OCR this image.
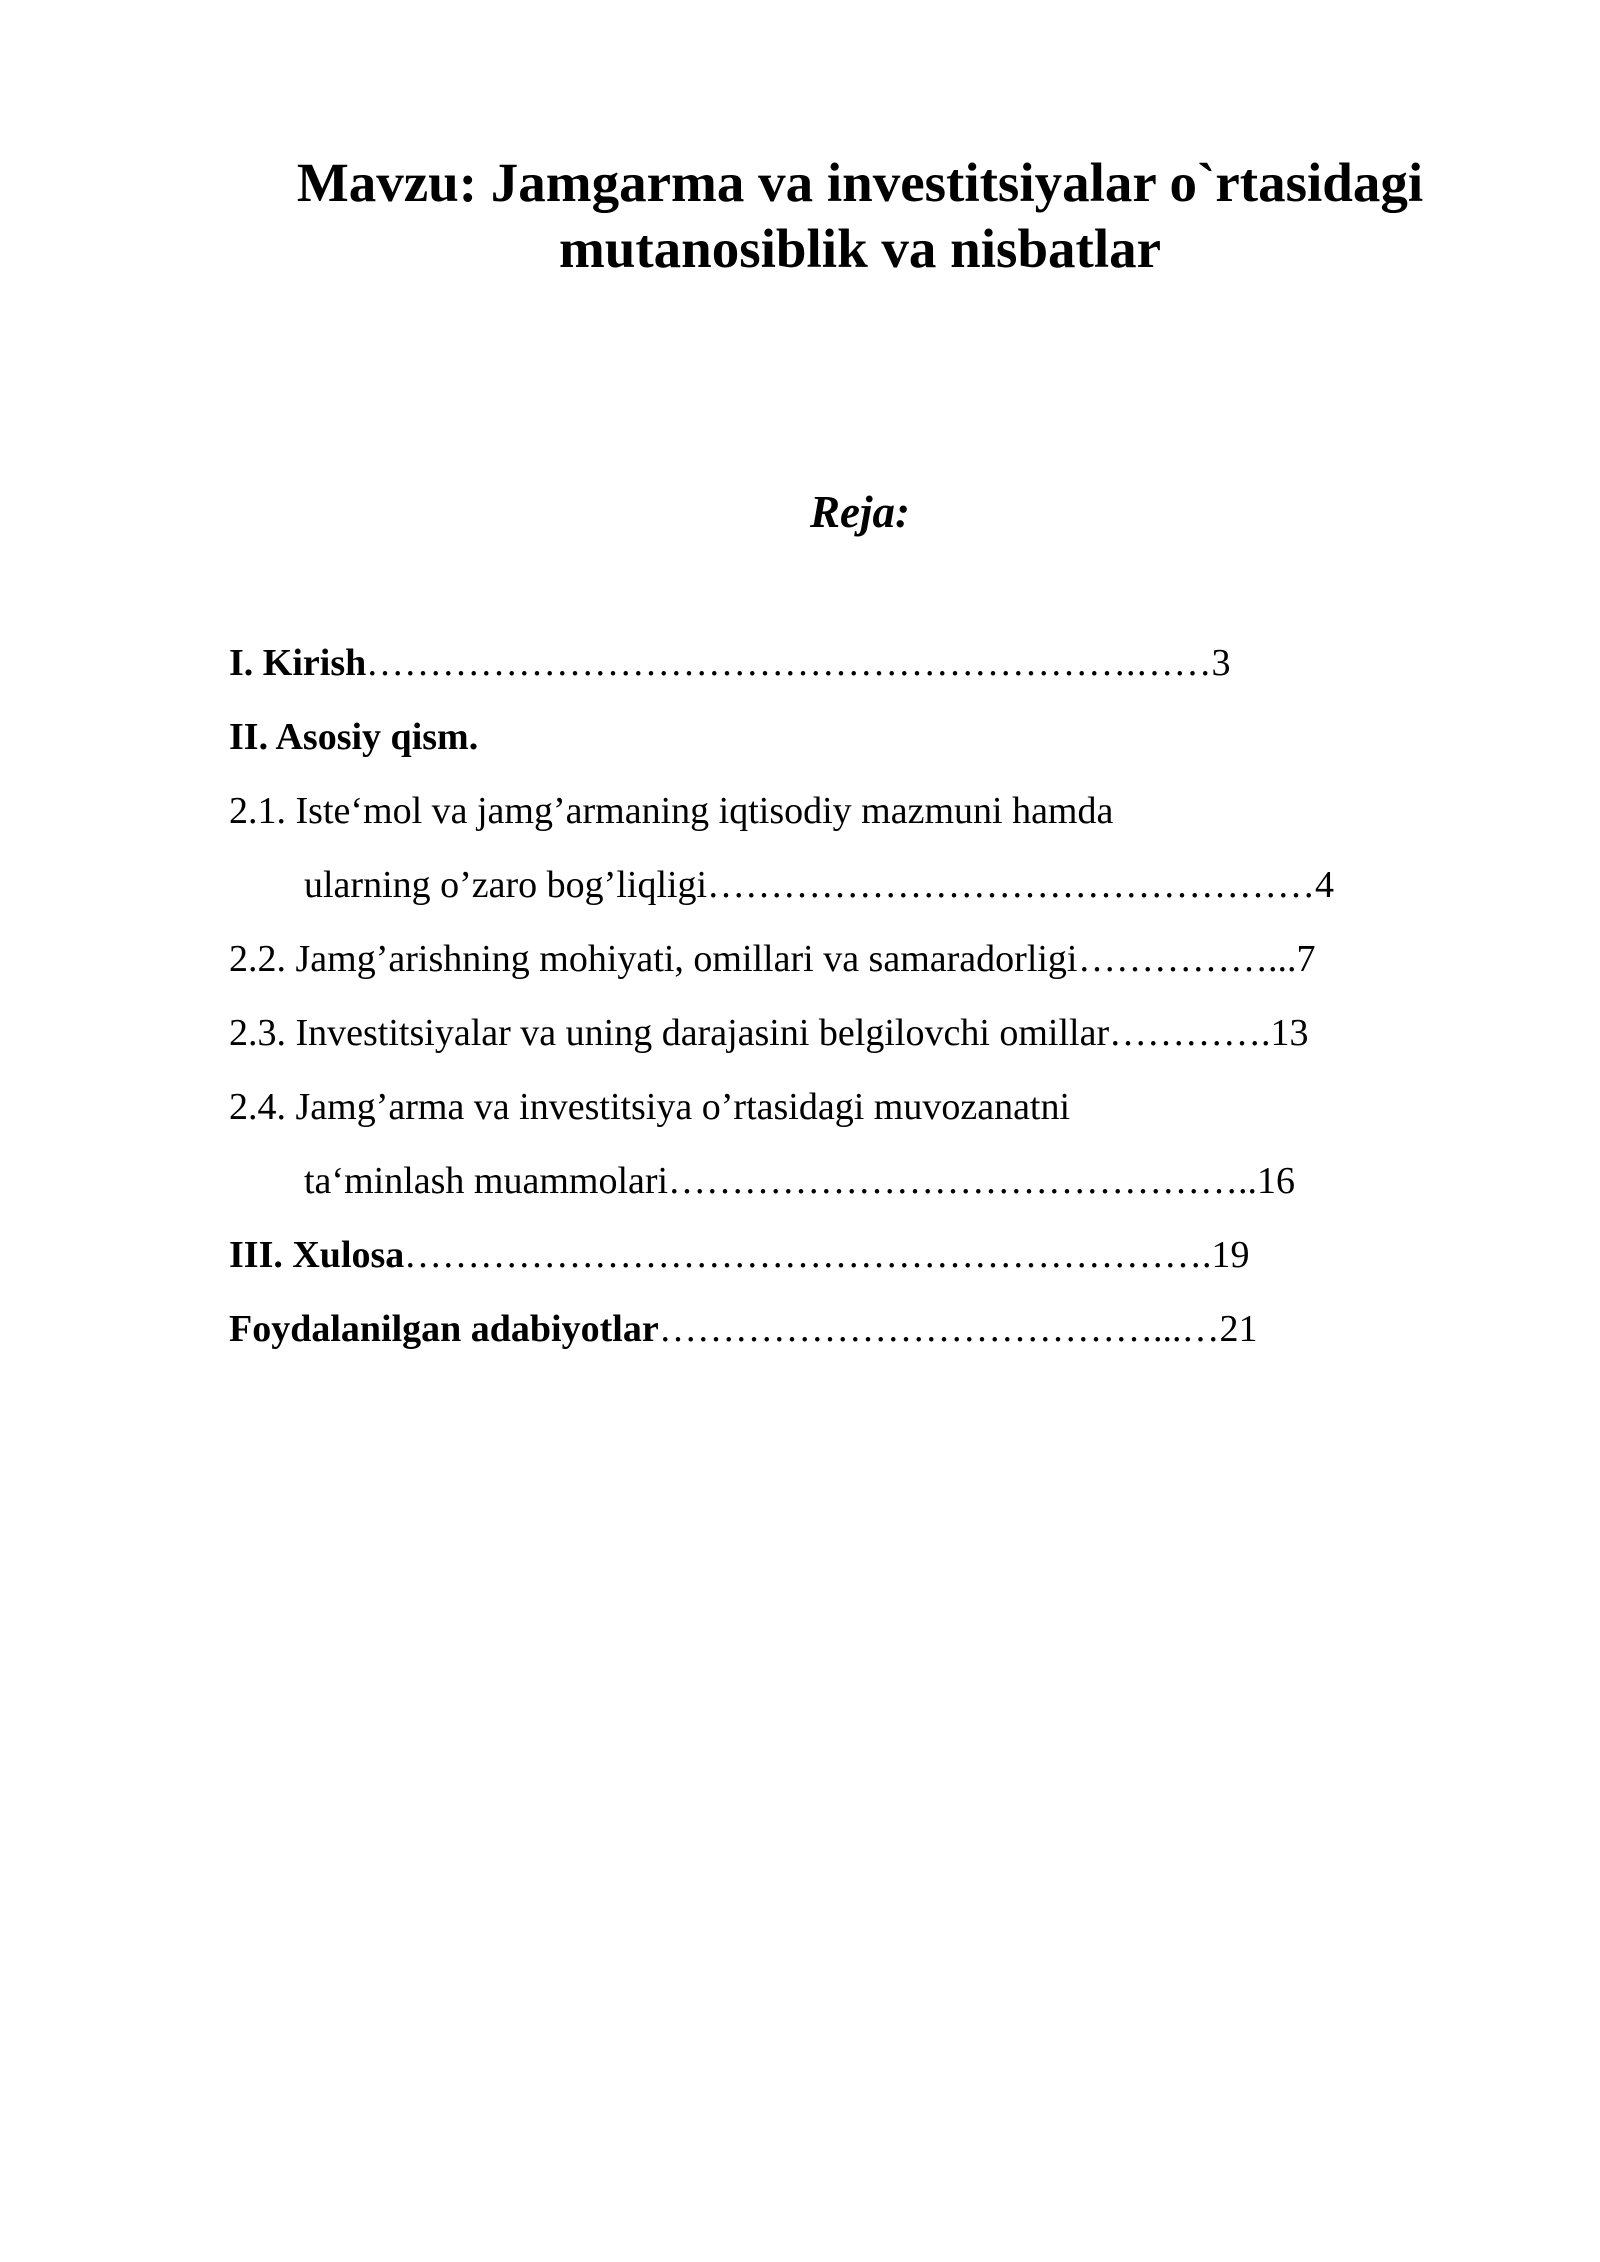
Mavzu: Jamgarma va investitsiyalar o`rtasidagi
mutanosiblik va nisbatlar
Reja:
I. Kirish …………………………………………………….……3
II. Asosiy qism.
2.1. Iste‘mol va jamg’armaning iqtisodiy mazmuni hamda
ularning o’zaro bog’liqligi …………………………………………4
2.2. Jamg’arishning mohiyati, omillari va samaradorligi ……………...7
2.3. Investitsiyalar va uning darajasini belgilovchi omillar ………….13
2.4. Jamg’arma va investitsiya o’rtasidagi muvozanatni
ta‘minlash muammolari ………………………………………..16
III. Xulosa ……………………………………………………….19
Foydalanilgan adabiyotlar …………………………………...…21
